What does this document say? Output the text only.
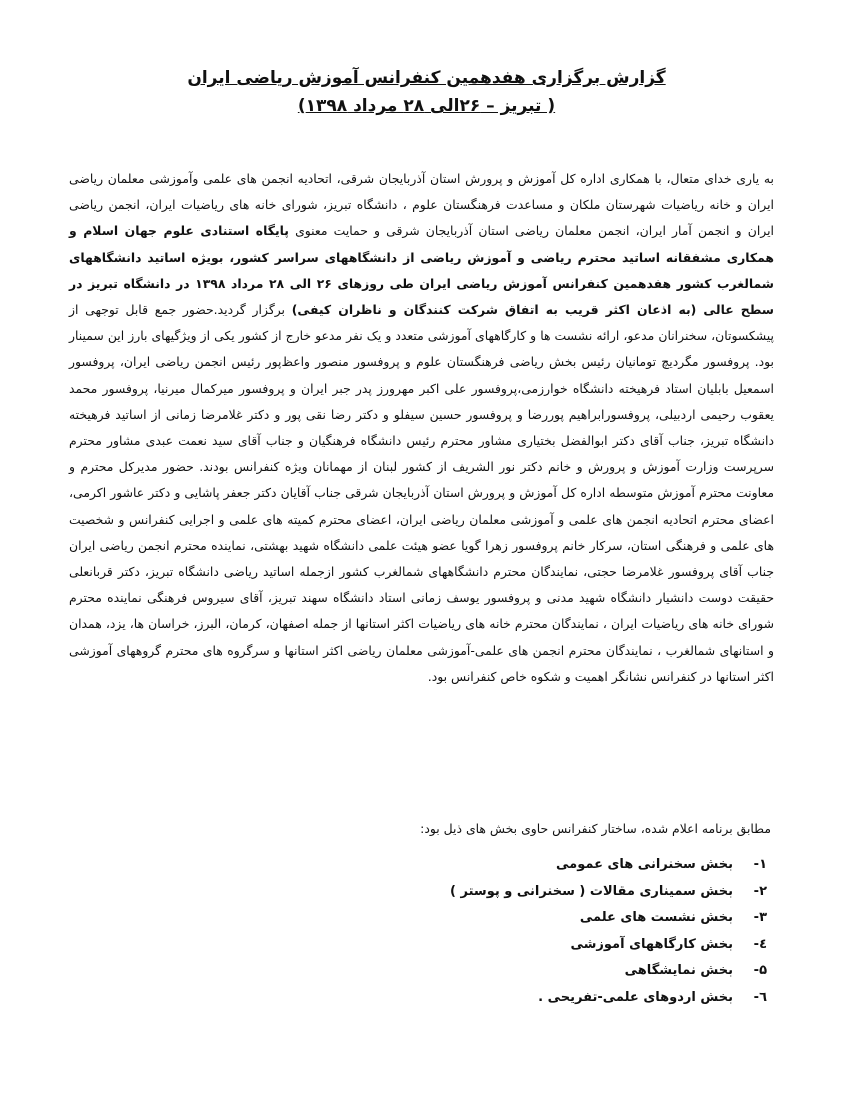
گزارش برگزاری هفدهمین کنفرانس آموزش ریاضی ایران

( تبریز – ۲۶الی ۲۸ مرداد ۱۳۹۸)

به یاری خدای متعال، با همکاری اداره کل آموزش و پرورش استان آذربایجان شرقی، اتحادیه انجمن های علمی وآموزشی معلمان ریاضی ایران و خانه ریاضیات شهرستان ملکان و مساعدت فرهنگستان علوم ، دانشگاه تبریز، شورای خانه های ریاضیات ایران، انجمن ریاضی ایران و انجمن آمار ایران، انجمن معلمان ریاضی استان آذربایجان شرقی و حمایت معنوی پایگاه استنادی علوم جهان اسلام و همکاری مشفقانه اساتید محترم ریاضی و آموزش ریاضی از دانشگاههای سراسر کشور، بویژه اساتید دانشگاههای شمالغرب کشور هفدهمین کنفرانس آموزش ریاضی ایران طی روزهای ۲۶ الی ۲۸ مرداد ۱۳۹۸ در دانشگاه تبریز در سطح عالی (به اذعان اکثر قریب به اتفاق شرکت کنندگان و ناظران کیفی) برگزار گردید.حضور جمع قابل توجهی از پیشکسوتان، سخنرانان مدعو، ارائه نشست ها و کارگاههای آموزشی متعدد و یک نفر مدعو خارج از کشور یکی از ویژگیهای بارز این سمینار بود. پروفسور مگردیچ تومانیان رئیس بخش ریاضی فرهنگستان علوم و پروفسور منصور واعظ‌پور رئیس انجمن ریاضی ایران، پروفسور اسمعیل بابلیان استاد فرهیخته دانشگاه خوارزمی،پروفسور علی اکبر مهرورز پدر جبر ایران و پروفسور میرکمال میرنیا، پروفسور محمد یعقوب رحیمی اردبیلی، پروفسورابراهیم پوررضا و پروفسور حسین سیفلو و دکتر رضا نقی پور و دکتر غلامرضا زمانی از اساتید فرهیخته دانشگاه تبریز، جناب آقای دکتر ابوالفضل بختیاری مشاور محترم رئیس دانشگاه فرهنگیان و جناب آقای سید نعمت عبدی مشاور محترم سرپرست وزارت آموزش و پرورش و خانم دکتر نور الشریف از کشور لبنان از مهمانان ویژه کنفرانس بودند. حضور مدیرکل محترم و معاونت محترم آموزش متوسطه اداره کل آموزش و پرورش استان آذربایجان شرقی جناب آقایان دکتر جعفر پاشایی و دکتر عاشور اکرمی، اعضای محترم اتحادیه انجمن های علمی و آموزشی معلمان ریاضی ایران، اعضای محترم کمیته های علمی و اجرایی کنفرانس و شخصیت های علمی و فرهنگی استان، سرکار خانم پروفسور زهرا گویا عضو هیئت علمی دانشگاه شهید بهشتی، نماینده محترم انجمن ریاضی ایران جناب آقای پروفسور غلامرضا حجتی، نمایندگان محترم دانشگاههای شمالغرب کشور ازجمله اساتید ریاضی دانشگاه تبریز، دکتر قربانعلی حقیقت دوست دانشیار دانشگاه شهید مدنی و پروفسور یوسف زمانی استاد دانشگاه سهند تبریز، آقای سیروس فرهنگی نماینده محترم شورای خانه های ریاضیات ایران ، نمایندگان محترم خانه های ریاضیات اکثر استانها از جمله اصفهان، کرمان، البرز، خراسان ها، یزد، همدان و استانهای شمالغرب ، نمایندگان محترم انجمن های علمی-آموزشی معلمان ریاضی اکثر استانها و سرگروه های محترم گروههای آموزشی اکثر استانها در کنفرانس نشانگر اهمیت و شکوه خاص کنفرانس بود.

مطابق برنامه اعلام شده، ساختار کنفرانس حاوی بخش های ذیل بود:
۱-
بخش سخنرانی های عمومی
۲-
بخش سمیناری مقالات ( سخنرانی و پوستر )
۳-
بخش نشست های علمی
٤-
بخش کارگاههای آموزشی
۵-
بخش نمایشگاهی
٦-
بخش اردوهای علمی-تفریحی .
